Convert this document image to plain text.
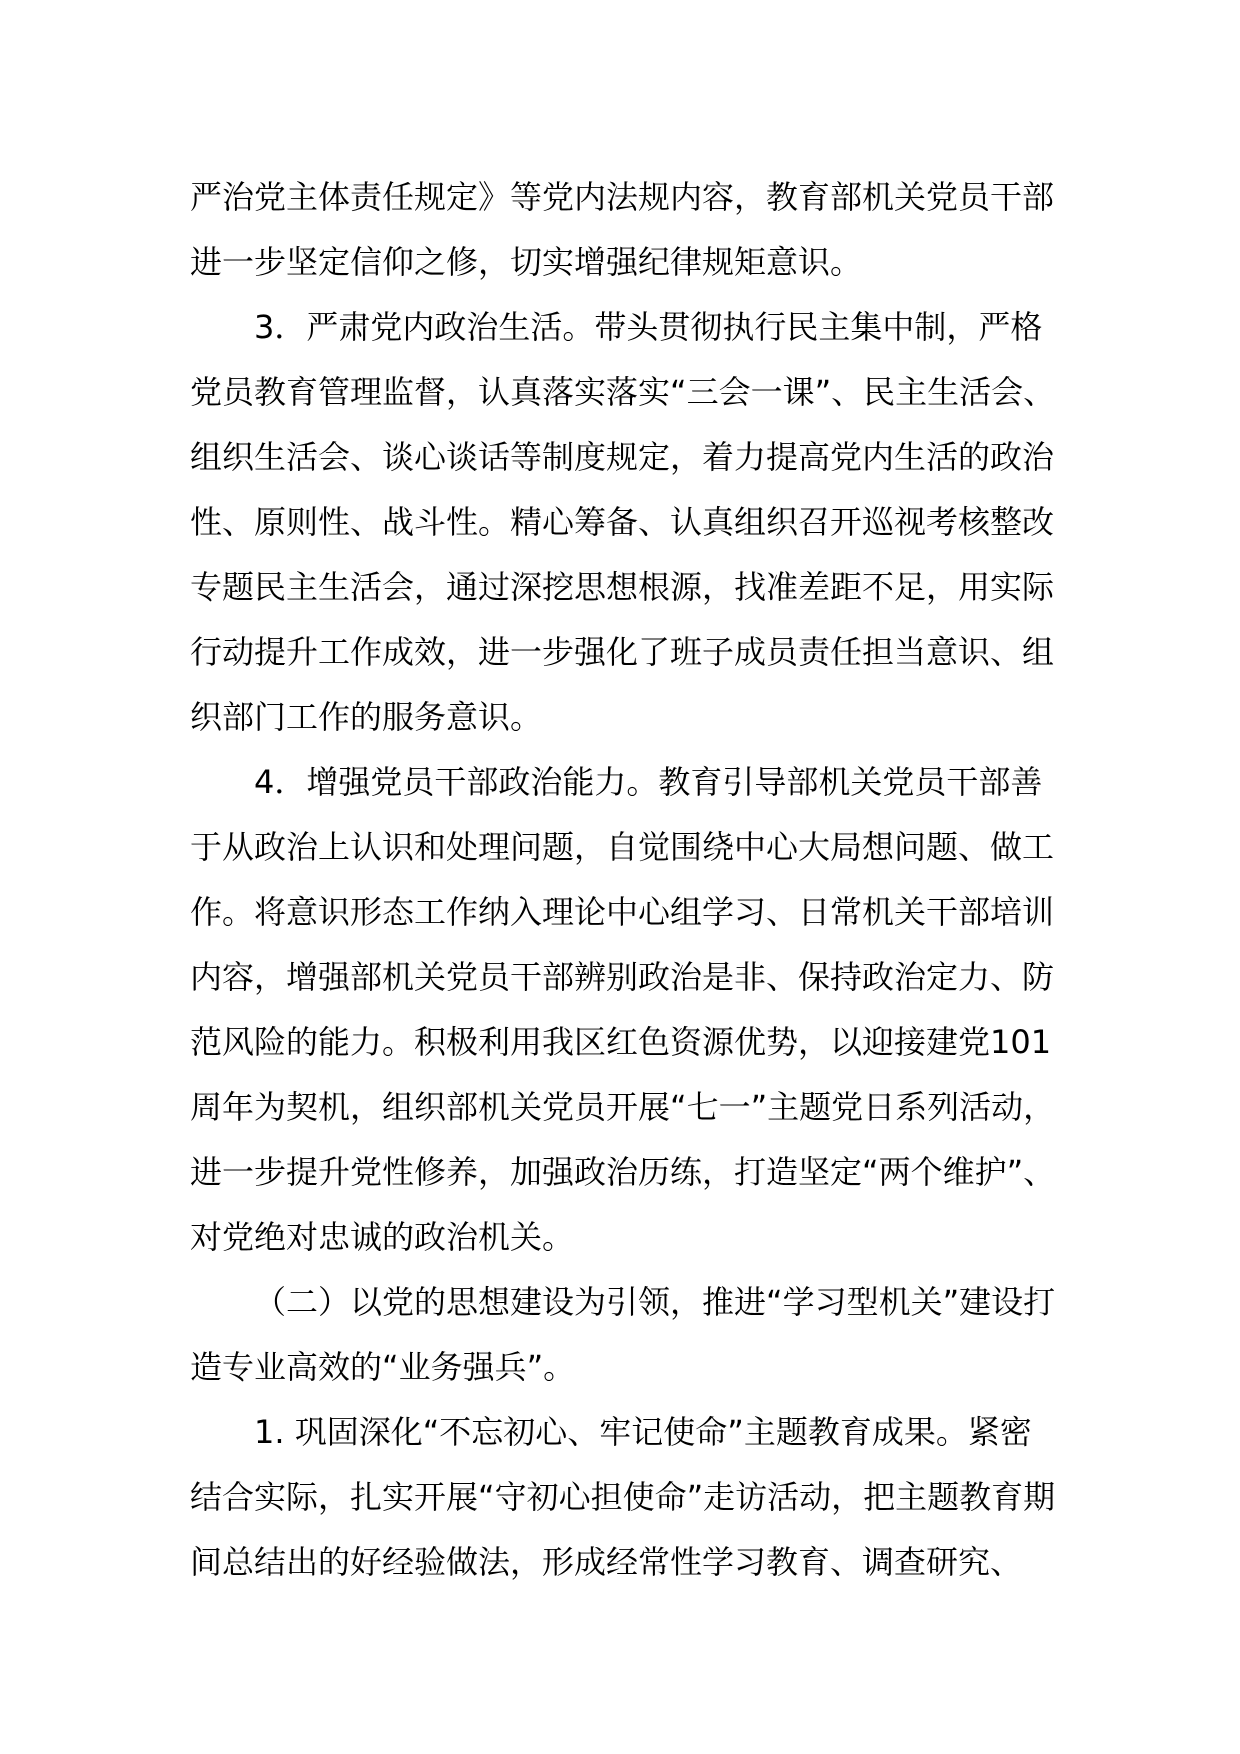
严治党主体责任规定》等党内法规内容，教育部机关党员干部进一步坚定信仰之修，切实增强纪律规矩意识。

3．严肃党内政治生活。带头贯彻执行民主集中制，严格党员教育管理监督，认真落实落实“三会一课”、民主生活会、组织生活会、谈心谈话等制度规定，着力提高党内生活的政治性、原则性、战斗性。精心筹备、认真组织召开巡视考核整改专题民主生活会，通过深挖思想根源，找准差距不足，用实际行动提升工作成效，进一步强化了班子成员责任担当意识、组织部门工作的服务意识。

4．增强党员干部政治能力。教育引导部机关党员干部善于从政治上认识和处理问题，自觉围绕中心大局想问题、做工作。将意识形态工作纳入理论中心组学习、日常机关干部培训内容，增强部机关党员干部辨别政治是非、保持政治定力、防范风险的能力。积极利用我区红色资源优势，以迎接建党101周年为契机，组织部机关党员开展“七一”主题党日系列活动，进一步提升党性修养，加强政治历练，打造坚定“两个维护”、对党绝对忠诚的政治机关。

（二）以党的思想建设为引领，推进“学习型机关”建设打造专业高效的“业务强兵”。

1. 巩固深化“不忘初心、牢记使命”主题教育成果。紧密结合实际，扎实开展“守初心担使命”走访活动，把主题教育期间总结出的好经验做法，形成经常性学习教育、调查研究、
